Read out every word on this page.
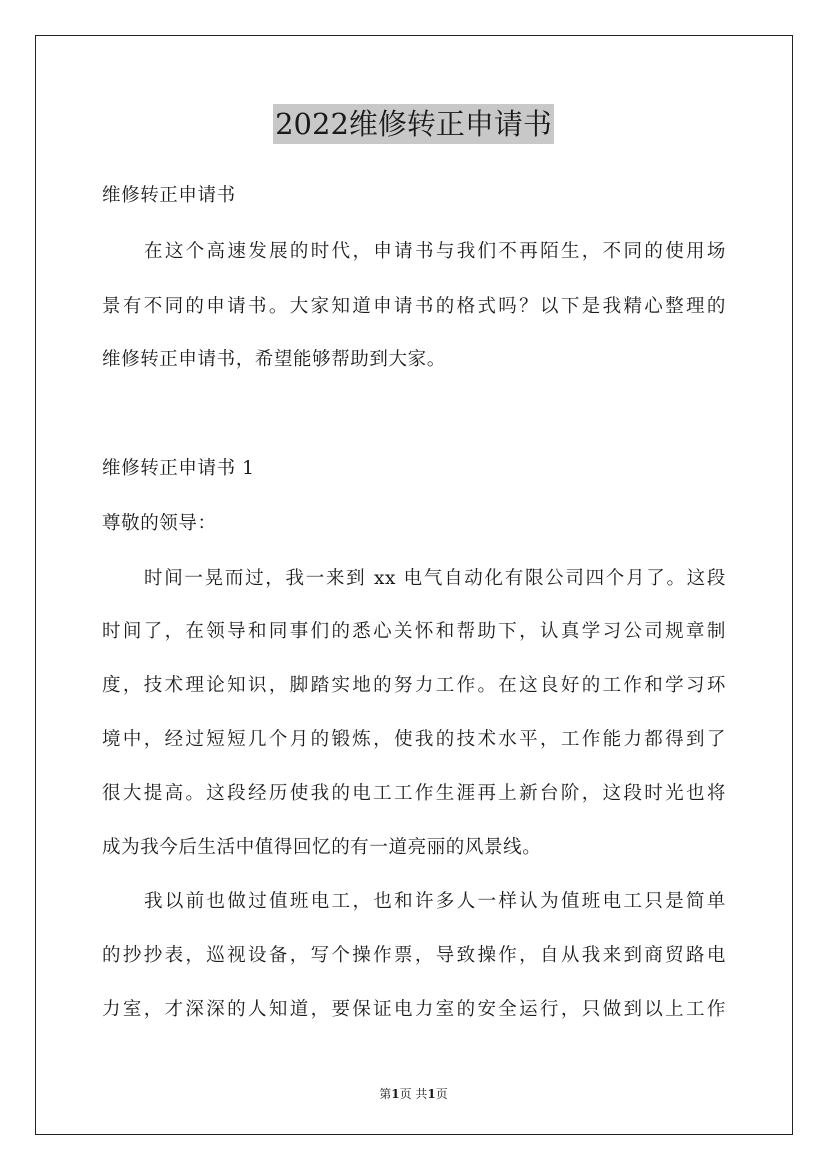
2022维修转正申请书
维修转正申请书
在这个高速发展的时代，申请书与我们不再陌生，不同的使用场
景有不同的申请书。大家知道申请书的格式吗？以下是我精心整理的
维修转正申请书，希望能够帮助到大家。
维修转正申请书 1
尊敬的领导：
时间一晃而过，我一来到 xx 电气自动化有限公司四个月了。这段
时间了，在领导和同事们的悉心关怀和帮助下，认真学习公司规章制
度，技术理论知识，脚踏实地的努力工作。在这良好的工作和学习环
境中，经过短短几个月的锻炼，使我的技术水平，工作能力都得到了
很大提高。这段经历使我的电工工作生涯再上新台阶，这段时光也将
成为我今后生活中值得回忆的有一道亮丽的风景线。
我以前也做过值班电工，也和许多人一样认为值班电工只是简单
的抄抄表，巡视设备，写个操作票，导致操作，自从我来到商贸路电
力室，才深深的人知道，要保证电力室的安全运行，只做到以上工作
第1页 共1页
